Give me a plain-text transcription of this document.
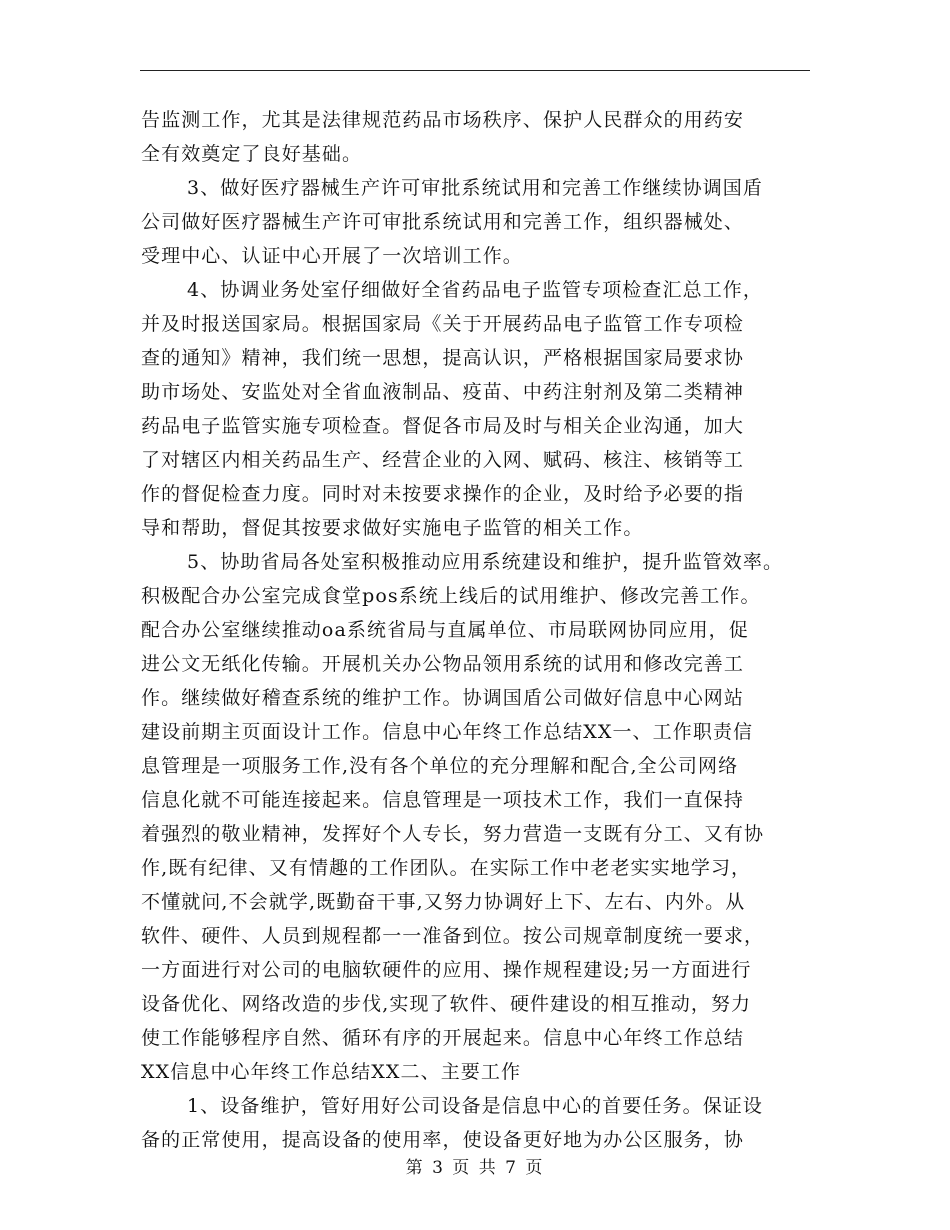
告监测工作，尤其是法律规范药品市场秩序、保护人民群众的用药安
全有效奠定了良好基础。
3、做好医疗器械生产许可审批系统试用和完善工作继续协调国盾
公司做好医疗器械生产许可审批系统试用和完善工作，组织器械处、
受理中心、认证中心开展了一次培训工作。
4、协调业务处室仔细做好全省药品电子监管专项检查汇总工作，
并及时报送国家局。根据国家局《关于开展药品电子监管工作专项检
查的通知》精神，我们统一思想，提高认识，严格根据国家局要求协
助市场处、安监处对全省血液制品、疫苗、中药注射剂及第二类精神
药品电子监管实施专项检查。督促各市局及时与相关企业沟通，加大
了对辖区内相关药品生产、经营企业的入网、赋码、核注、核销等工
作的督促检查力度。同时对未按要求操作的企业，及时给予必要的指
导和帮助，督促其按要求做好实施电子监管的相关工作。
5、协助省局各处室积极推动应用系统建设和维护，提升监管效率。
积极配合办公室完成食堂pos系统上线后的试用维护、修改完善工作。
配合办公室继续推动oa系统省局与直属单位、市局联网协同应用，促
进公文无纸化传输。开展机关办公物品领用系统的试用和修改完善工
作。继续做好稽查系统的维护工作。协调国盾公司做好信息中心网站
建设前期主页面设计工作。信息中心年终工作总结XX一、工作职责信
息管理是一项服务工作,没有各个单位的充分理解和配合,全公司网络
信息化就不可能连接起来。信息管理是一项技术工作，我们一直保持
着强烈的敬业精神，发挥好个人专长，努力营造一支既有分工、又有协
作,既有纪律、又有情趣的工作团队。在实际工作中老老实实地学习，
不懂就问,不会就学,既勤奋干事,又努力协调好上下、左右、内外。从
软件、硬件、人员到规程都一一准备到位。按公司规章制度统一要求，
一方面进行对公司的电脑软硬件的应用、操作规程建设;另一方面进行
设备优化、网络改造的步伐,实现了软件、硬件建设的相互推动，努力
使工作能够程序自然、循环有序的开展起来。信息中心年终工作总结
XX信息中心年终工作总结XX二、主要工作
1、设备维护，管好用好公司设备是信息中心的首要任务。保证设
备的正常使用，提高设备的使用率，使设备更好地为办公区服务，协
第 3 页 共 7 页
